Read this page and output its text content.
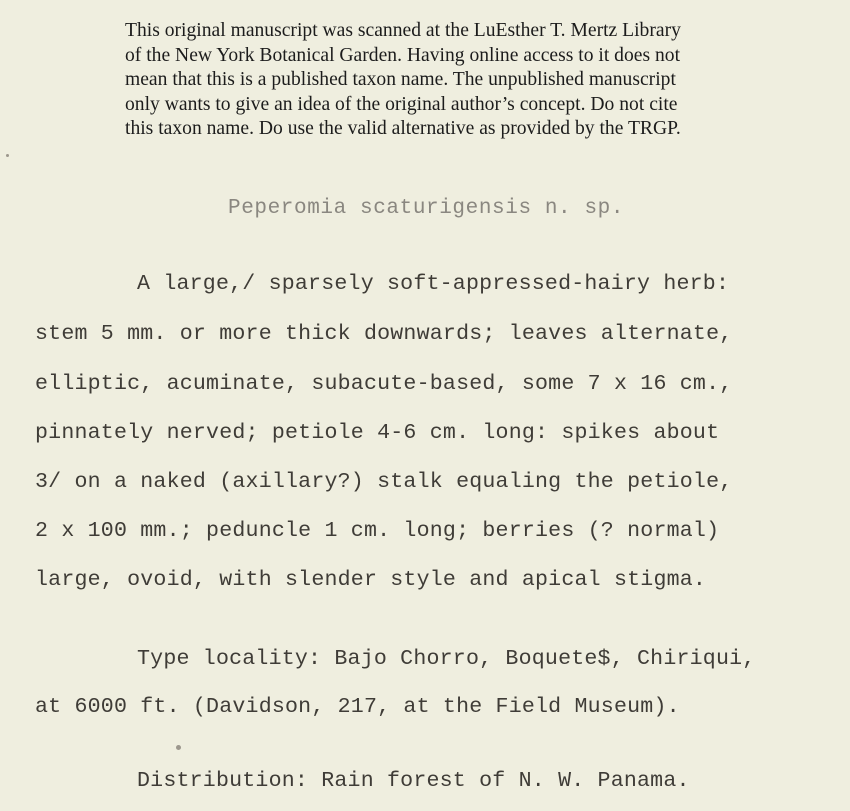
This original manuscript was scanned at the LuEsther T. Mertz Library
of the New York Botanical Garden. Having online access to it does not
mean that this is a published taxon name. The unpublished manuscript
only wants to give an idea of the original author’s concept. Do not cite
this taxon name. Do use the valid alternative as provided by the TRGP.
Peperomia scaturigensis n. sp.
A large,/ sparsely soft-appressed-hairy herb:
stem 5 mm. or more thick downwards; leaves alternate,
elliptic, acuminate, subacute-based, some 7 x 16 cm.,
pinnately nerved; petiole 4-6 cm. long: spikes about
3/ on a naked (axillary?) stalk equaling the petiole,
2 x 100 mm.; peduncle 1 cm. long; berries (? normal)
large, ovoid, with slender style and apical stigma.
Type locality: Bajo Chorro, Boquete$, Chiriqui,
at 6000 ft. (Davidson, 217, at the Field Museum).
Distribution: Rain forest of N. W. Panama.
